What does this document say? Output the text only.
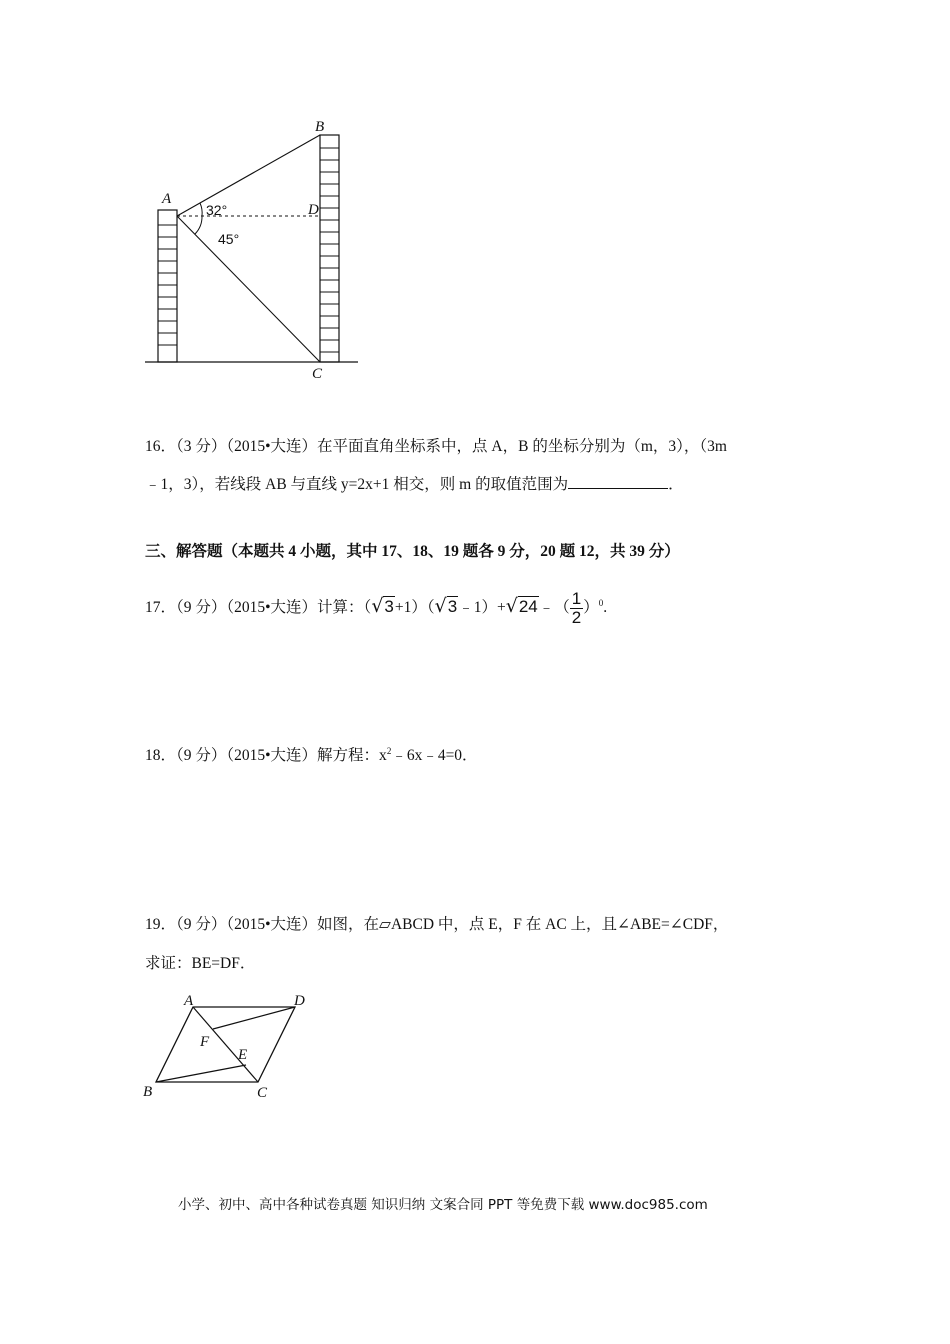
A
B
D
C
32°
45°
16．（3 分）（2015•大连）在平面直角坐标系中，点 A，B 的坐标分别为（m，3），（3m
﹣1，3），若线段 AB 与直线 y=2x+1 相交，则 m 的取值范围为	．
三、解答题（本题共 4 小题，其中 17、18、19 题各 9 分，20 题 12，共 39 分）
17．（9 分）（2015•大连）计算：（√3+1）（√3﹣1）+√24﹣（ $\frac{1}{2} )^0$.
18．（9 分）（2015•大连）解方程：$x^2﹣6x﹣4=0$．
19．（9 分）（2015•大连）如图，在▱ABCD 中，点 E，F 在 AC 上，且∠ABE=∠CDF，
求证：BE=DF．
A	D
F
E
B	C
小学、初中、高中各种试卷真题 知识归纳 文案合同 PPT 等免费下载 www.doc985.com
